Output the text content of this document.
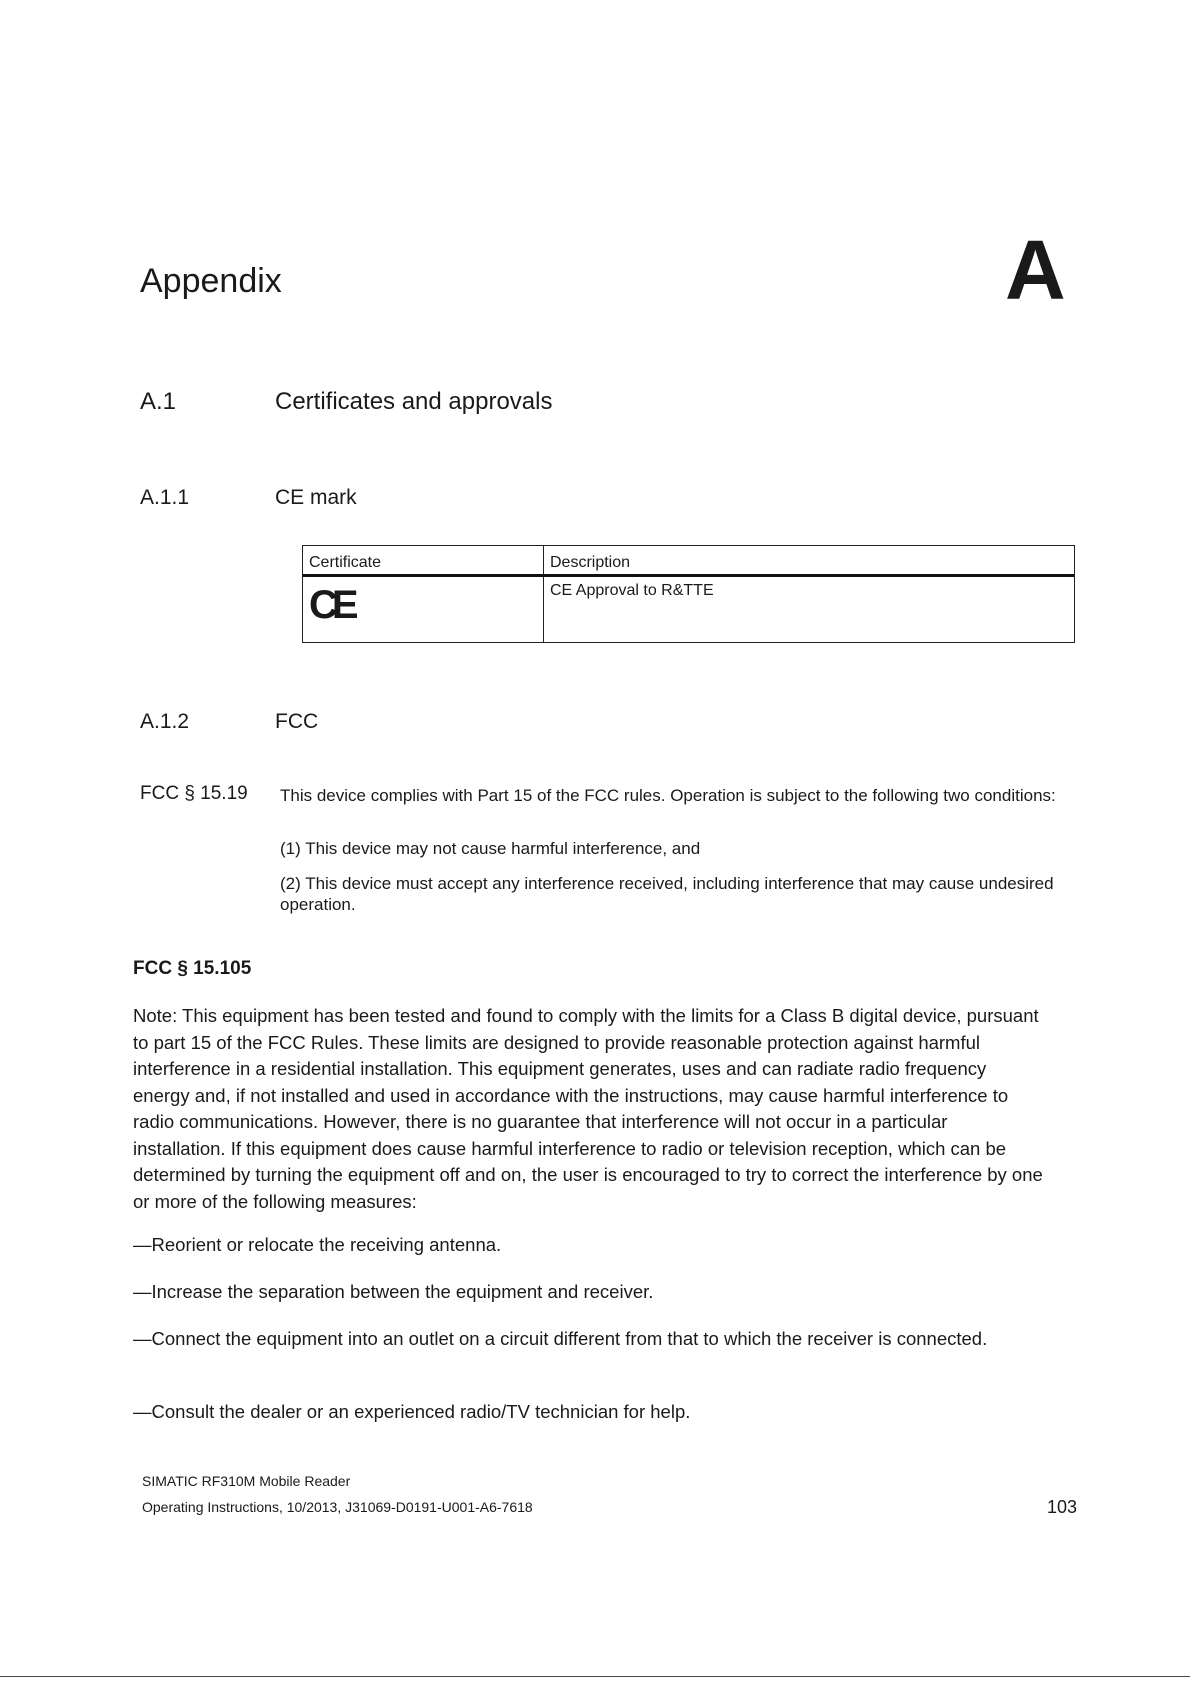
Appendix	A
A.1	Certificates and approvals
A.1.1	CE mark
Certificate	Description
CE	CE Approval to R&TTE
A.1.2	FCC
FCC § 15.19 This device complies with Part 15 of the FCC rules. Operation is subject to the following two conditions:
(1) This device may not cause harmful interference, and
(2) This device must accept any interference received, including interference that may cause undesired operation.
FCC § 15.105
Note: This equipment has been tested and found to comply with the limits for a Class B digital device, pursuant to part 15 of the FCC Rules. These limits are designed to provide reasonable protection against harmful interference in a residential installation. This equipment generates, uses and can radiate radio frequency energy and, if not installed and used in accordance with the instructions, may cause harmful interference to radio communications. However, there is no guarantee that interference will not occur in a particular installation. If this equipment does cause harmful interference to radio or television reception, which can be determined by turning the equipment off and on, the user is encouraged to try to correct the interference by one or more of the following measures:
—Reorient or relocate the receiving antenna.
—Increase the separation between the equipment and receiver.
—Connect the equipment into an outlet on a circuit different from that to which the receiver is connected.
—Consult the dealer or an experienced radio/TV technician for help.
SIMATIC RF310M Mobile Reader
Operating Instructions, 10/2013, J31069-D0191-U001-A6-7618	103
